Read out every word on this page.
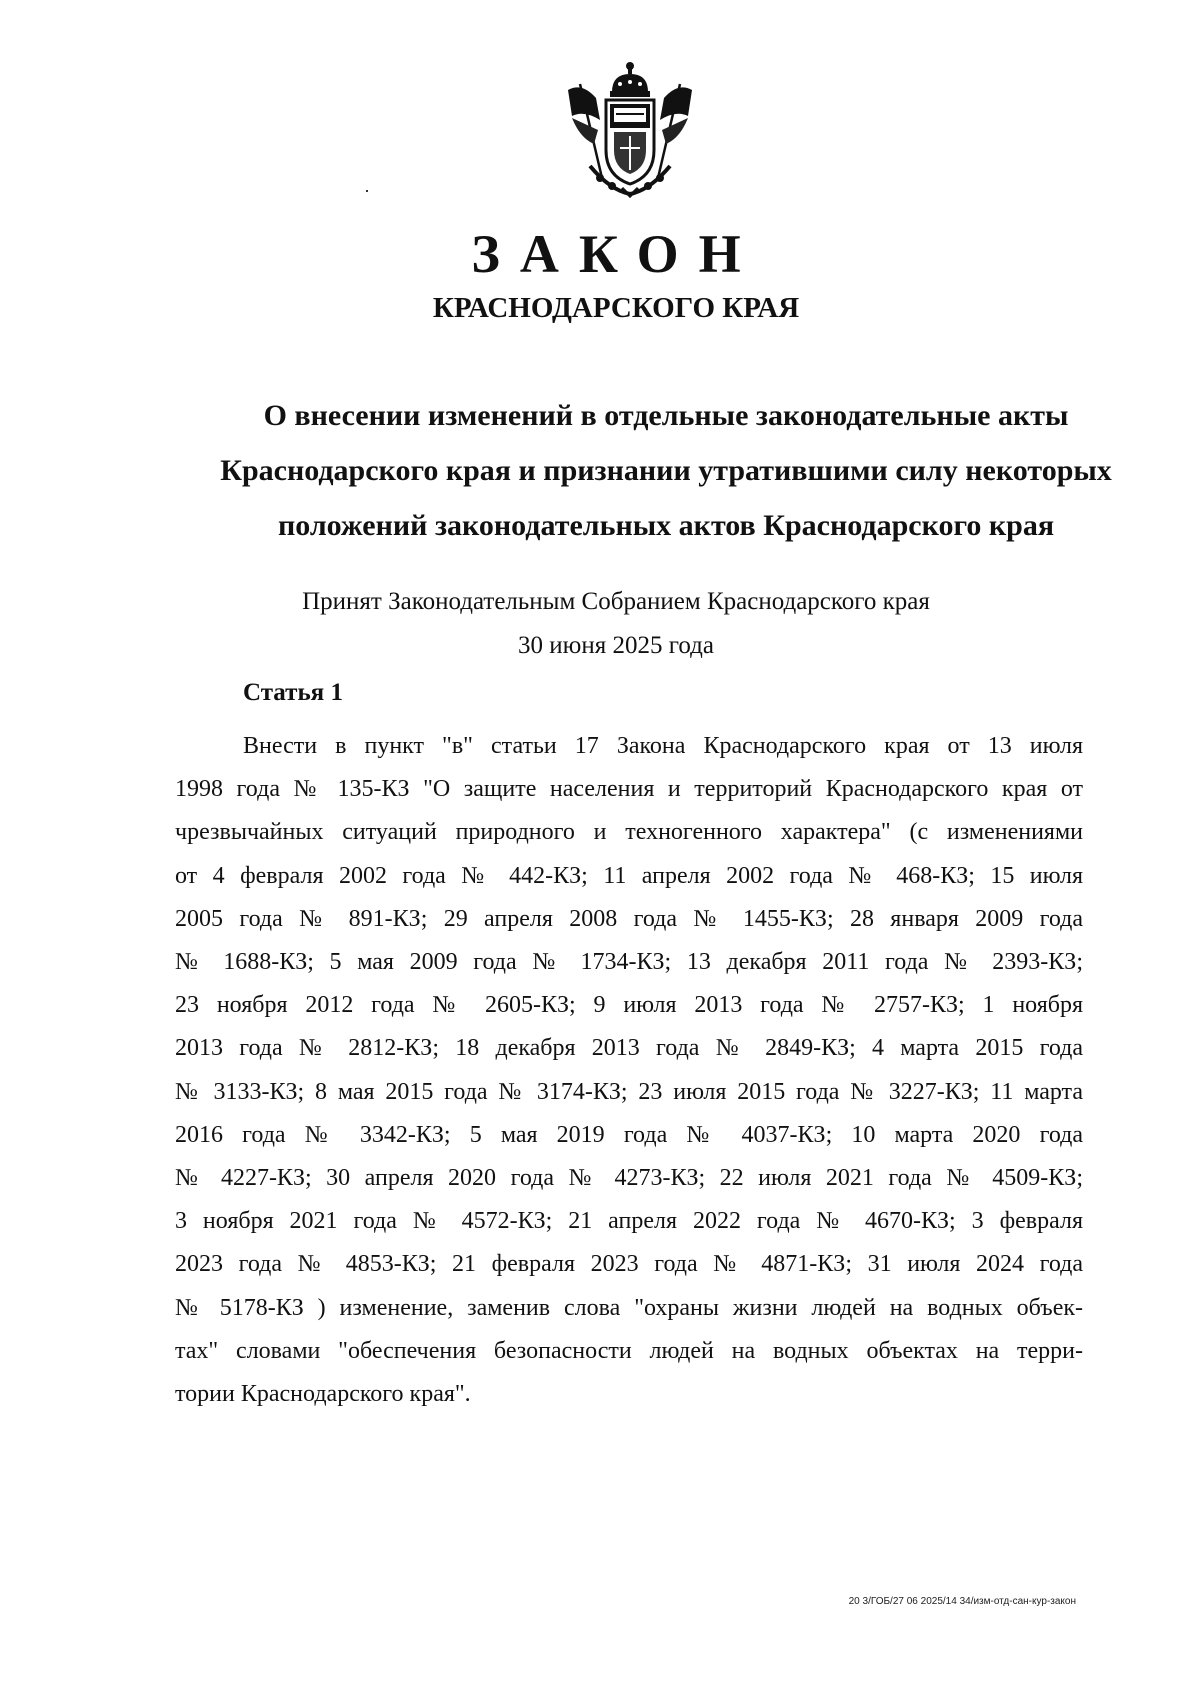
ЗАКОН
КРАСНОДАРСКОГО КРАЯ
О внесении изменений в отдельные законодательные акты
Краснодарского края и признании утратившими силу некоторых
положений законодательных актов Краснодарского края
Принят Законодательным Собранием Краснодарского края
30 июня 2025 года
Статья 1
Внести в пункт "в" статьи 17 Закона Краснодарского края от 13 июля
1998 года № 135-КЗ "О защите населения и территорий Краснодарского края от
чрезвычайных ситуаций природного и техногенного характера" (с изменениями
от 4 февраля 2002 года № 442-КЗ; 11 апреля 2002 года № 468-КЗ; 15 июля
2005 года № 891-КЗ; 29 апреля 2008 года № 1455-КЗ; 28 января 2009 года
№ 1688-КЗ; 5 мая 2009 года № 1734-КЗ; 13 декабря 2011 года № 2393-КЗ;
23 ноября 2012 года № 2605-КЗ; 9 июля 2013 года № 2757-КЗ; 1 ноября
2013 года № 2812-КЗ; 18 декабря 2013 года № 2849-КЗ; 4 марта 2015 года
№ 3133-КЗ; 8 мая 2015 года № 3174-КЗ; 23 июля 2015 года № 3227-КЗ; 11 марта
2016 года № 3342-КЗ; 5 мая 2019 года № 4037-КЗ; 10 марта 2020 года
№ 4227-КЗ; 30 апреля 2020 года № 4273-КЗ; 22 июля 2021 года № 4509-КЗ;
3 ноября 2021 года № 4572-КЗ; 21 апреля 2022 года № 4670-КЗ; 3 февраля
2023 года № 4853-КЗ; 21 февраля 2023 года № 4871-КЗ; 31 июля 2024 года
№ 5178-КЗ ) изменение, заменив слова "охраны жизни людей на водных объек-
тах" словами "обеспечения безопасности людей на водных объектах на терри-
тории Краснодарского края".
20 3/ГОБ/27 06 2025/14 34/изм-отд-сан-кур-закон
